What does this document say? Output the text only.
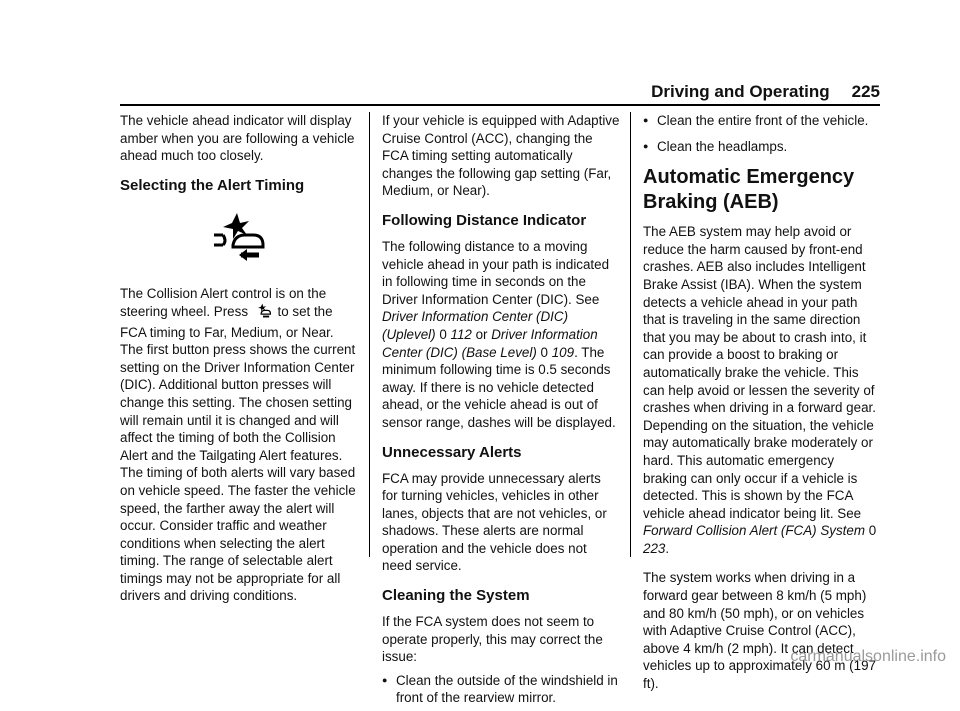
Driving and Operating 225

The vehicle ahead indicator will display amber when you are following a vehicle ahead much too closely.

Selecting the Alert Timing

The Collision Alert control is on the steering wheel. Press to set the FCA timing to Far, Medium, or Near. The first button press shows the current setting on the Driver Information Center (DIC). Additional button presses will change this setting. The chosen setting will remain until it is changed and will affect the timing of both the Collision Alert and the Tailgating Alert features. The timing of both alerts will vary based on vehicle speed. The faster the vehicle speed, the farther away the alert will occur. Consider traffic and weather conditions when selecting the alert timing. The range of selectable alert timings may not be appropriate for all drivers and driving conditions.

If your vehicle is equipped with Adaptive Cruise Control (ACC), changing the FCA timing setting automatically changes the following gap setting (Far, Medium, or Near).

Following Distance Indicator

The following distance to a moving vehicle ahead in your path is indicated in following time in seconds on the Driver Information Center (DIC). See Driver Information Center (DIC) (Uplevel) 0 112 or Driver Information Center (DIC) (Base Level) 0 109. The minimum following time is 0.5 seconds away. If there is no vehicle detected ahead, or the vehicle ahead is out of sensor range, dashes will be displayed.

Unnecessary Alerts

FCA may provide unnecessary alerts for turning vehicles, vehicles in other lanes, objects that are not vehicles, or shadows. These alerts are normal operation and the vehicle does not need service.

Cleaning the System

If the FCA system does not seem to operate properly, this may correct the issue:

● Clean the outside of the windshield in front of the rearview mirror.
● Clean the entire front of the vehicle.
● Clean the headlamps.
Automatic Emergency
Braking (AEB)

The AEB system may help avoid or reduce the harm caused by front-end crashes. AEB also includes Intelligent Brake Assist (IBA). When the system detects a vehicle ahead in your path that is traveling in the same direction that you may be about to crash into, it can provide a boost to braking or automatically brake the vehicle. This can help avoid or lessen the severity of crashes when driving in a forward gear. Depending on the situation, the vehicle may automatically brake moderately or hard. This automatic emergency braking can only occur if a vehicle is detected. This is shown by the FCA vehicle ahead indicator being lit. See Forward Collision Alert (FCA) System 0 223.

The system works when driving in a forward gear between 8 km/h (5 mph) and 80 km/h (50 mph), or on vehicles with Adaptive Cruise Control (ACC), above 4 km/h (2 mph). It can detect vehicles up to approximately 60 m (197 ft).

carmanualsonline.info
